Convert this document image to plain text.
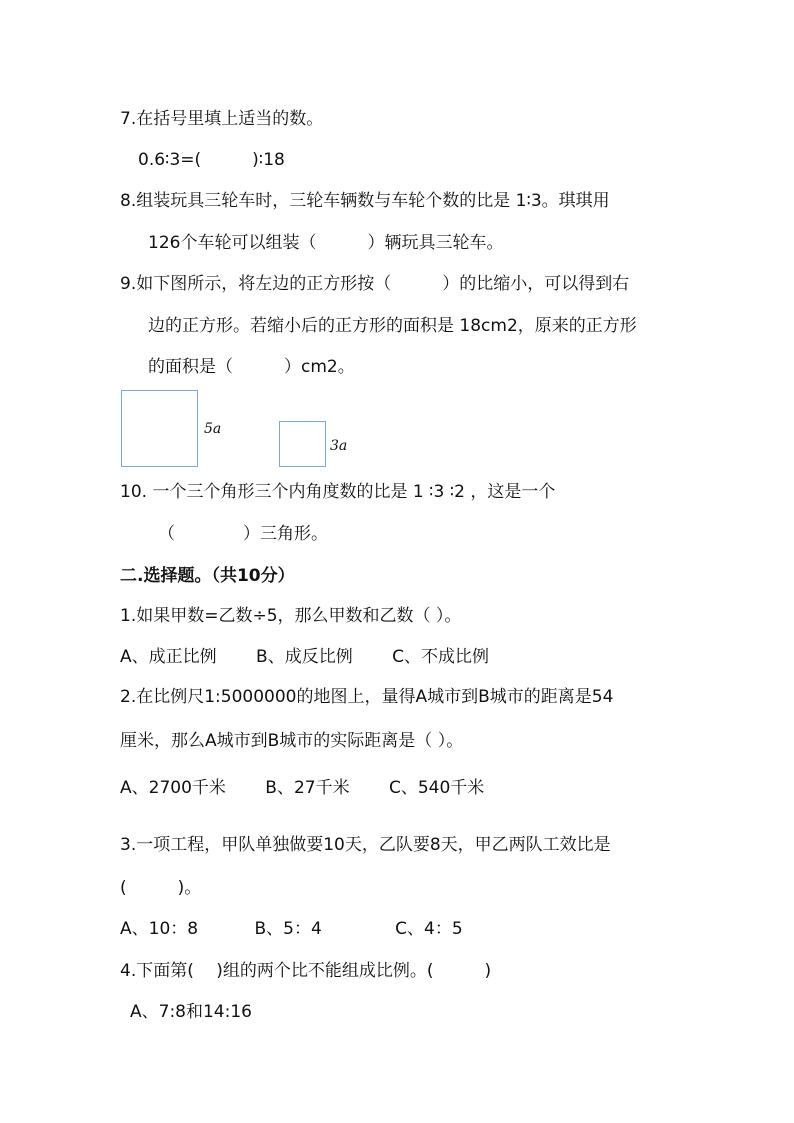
7.在括号里填上适当的数。
0.6∶3=(　　　)∶18
8.组装玩具三轮车时，三轮车辆数与车轮个数的比是 1∶3。琪琪用
126个车轮可以组装（　　　）辆玩具三轮车。
9.如下图所示，将左边的正方形按（　　　）的比缩小，可以得到右
边的正方形。若缩小后的正方形的面积是 18cm2，原来的正方形
的面积是（　　　）cm2。
5a
3a
10. 一个三个角形三个内角度数的比是 1 ∶3 ∶2 ，这是一个
（　　　　）三角形。
二.选择题。（共10分）
1.如果甲数=乙数÷5，那么甲数和乙数（ ）。
A、成正比例　　 B、成反比例　　 C、不成比例
2.在比例尺1:5000000的地图上，量得A城市到B城市的距离是54
厘米，那么A城市到B城市的实际距离是（ ）。
A、2700千米　　 B、27千米　　 C、540千米
3.一项工程，甲队单独做要10天，乙队要8天，甲乙两队工效比是
(　　　)。
A、10：8　　　 B、5：4　　　　 C、4：5
4.下面第(　 )组的两个比不能组成比例。(　　　)
A、7:8和14:16
